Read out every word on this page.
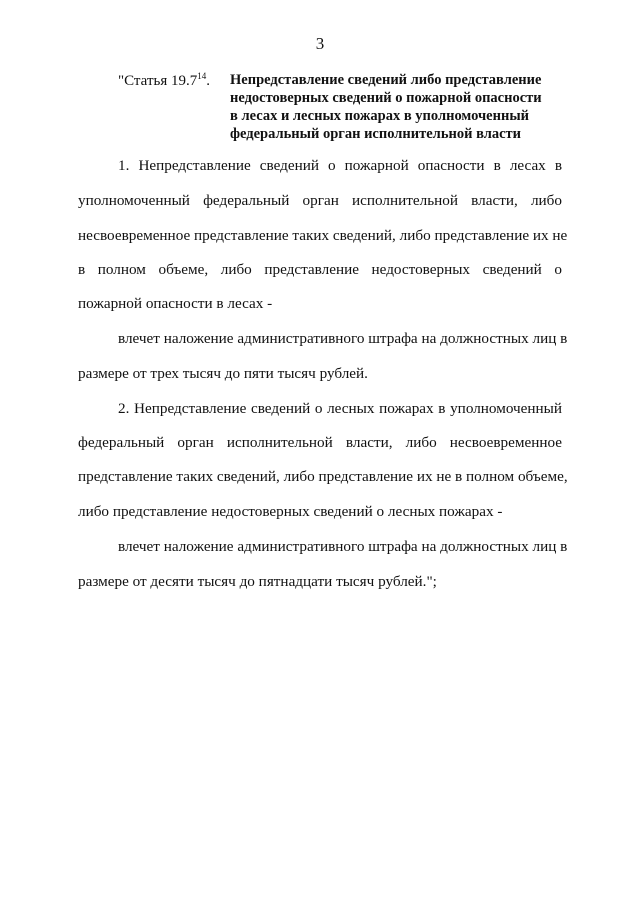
3
"Статья 19.7$^{14}$. Непредставление сведений либо представление
недостоверных сведений о пожарной опасности
в лесах и лесных пожарах в уполномоченный
федеральный орган исполнительной власти
1. Непредставление сведений о пожарной опасности в лесах в
уполномоченный федеральный орган исполнительной власти, либо
несвоевременное представление таких сведений, либо представление их не
в полном объеме, либо представление недостоверных сведений о
пожарной опасности в лесах -
влечет наложение административного штрафа на должностных лиц в
размере от трех тысяч до пяти тысяч рублей.
2. Непредставление сведений о лесных пожарах в уполномоченный
федеральный орган исполнительной власти, либо несвоевременное
представление таких сведений, либо представление их не в полном объеме,
либо представление недостоверных сведений о лесных пожарах -
влечет наложение административного штрафа на должностных лиц в
размере от десяти тысяч до пятнадцати тысяч рублей.";
